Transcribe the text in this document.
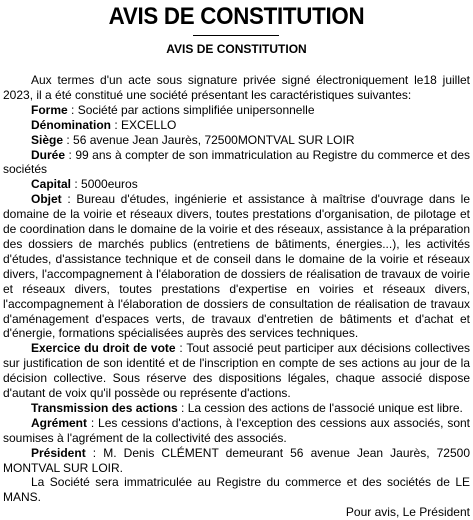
AVIS DE CONSTITUTION
AVIS DE CONSTITUTION

Aux termes d'un acte sous signature privée signé électroniquement le18 juillet 2023, il a été constitué une société présentant les caractéristiques suivantes:

Forme : Société par actions simplifiée unipersonnelle

Dénomination : EXCELLO

Siège : 56 avenue Jean Jaurès, 72500MONTVAL SUR LOIR

Durée : 99 ans à compter de son immatriculation au Registre du commerce et des sociétés

Capital : 5000euros

Objet : Bureau d'études, ingénierie et assistance à maîtrise d'ouvrage dans le domaine de la voirie et réseaux divers, toutes prestations d'organisation, de pilotage et de coordination dans le domaine de la voirie et des réseaux, assistance à la préparation des dossiers de marchés publics (entretiens de bâtiments, énergies...), les activités d'études, d'assistance technique et de conseil dans le domaine de la voirie et réseaux divers, l'accompagnement à l'élaboration de dossiers de réalisation de travaux de voirie et réseaux divers, toutes prestations d'expertise en voiries et réseaux divers, l'accompagnement à l'élaboration de dossiers de consultation de réalisation de travaux d'aménagement d'espaces verts, de travaux d'entretien de bâtiments et d'achat et d'énergie, formations spécialisées auprès des services techniques.

Exercice du droit de vote : Tout associé peut participer aux décisions collectives sur justification de son identité et de l'inscription en compte de ses actions au jour de la décision collective. Sous réserve des dispositions légales, chaque associé dispose d'autant de voix qu'il possède ou représente d'actions.

Transmission des actions : La cession des actions de l'associé unique est libre.

Agrément : Les cessions d'actions, à l'exception des cessions aux associés, sont soumises à l'agrément de la collectivité des associés.

Président : M. Denis CLÉMENT demeurant 56 avenue Jean Jaurès, 72500 MONTVAL SUR LOIR.

La Société sera immatriculée au Registre du commerce et des sociétés de LE MANS.

Pour avis, Le Président
